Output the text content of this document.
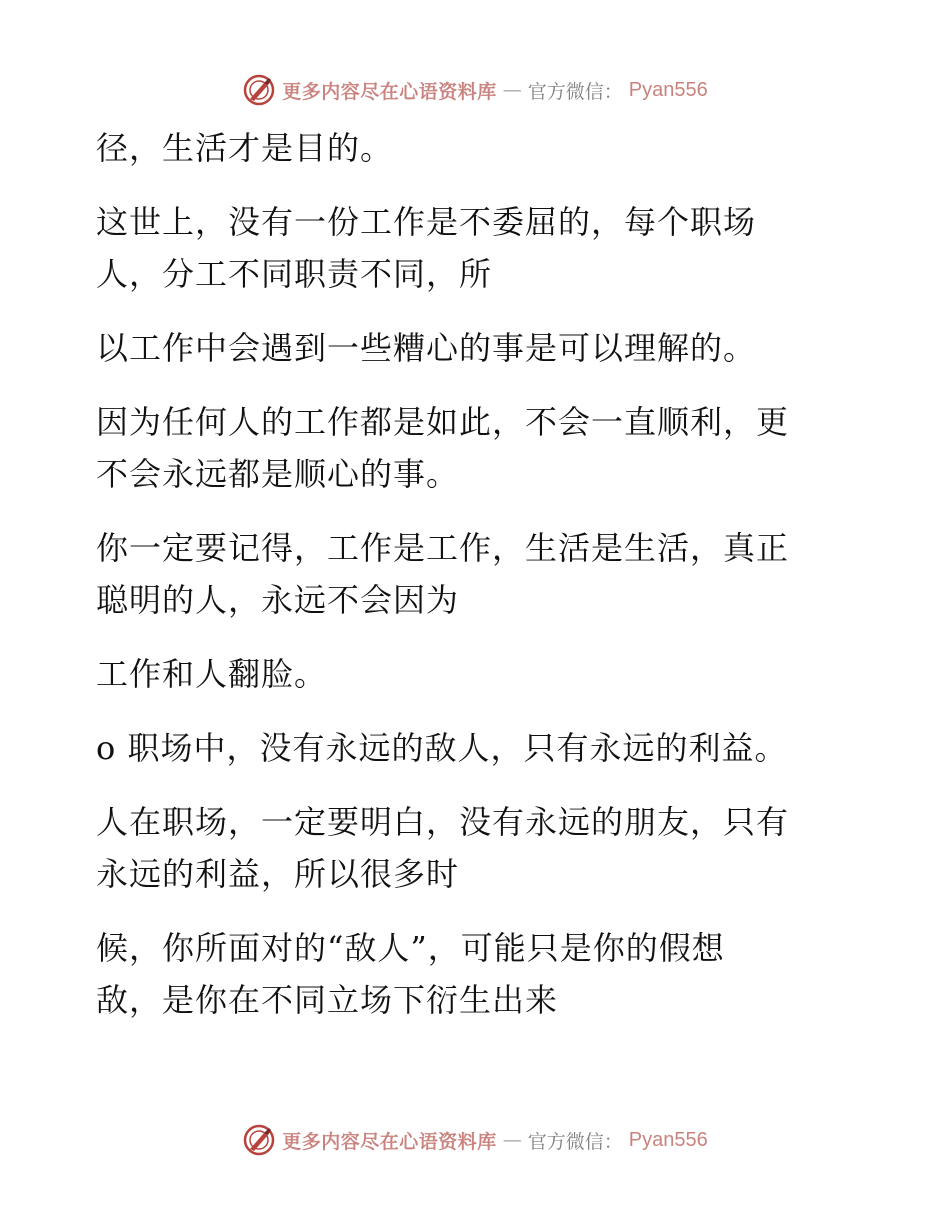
更多内容尽在心语资料库 — 官方微信： Pyan556
径，生活才是目的。
这世上，没有一份工作是不委屈的，每个职场
人，分工不同职责不同，所
以工作中会遇到一些糟心的事是可以理解的。
因为任何人的工作都是如此，不会一直顺利，更
不会永远都是顺心的事。
你一定要记得，工作是工作，生活是生活，真正
聪明的人，永远不会因为
工作和人翻脸。
o 职场中，没有永远的敌人，只有永远的利益。
人在职场，一定要明白，没有永远的朋友，只有
永远的利益，所以很多时
候，你所面对的“敌人”，可能只是你的假想
敌，是你在不同立场下衍生出来
更多内容尽在心语资料库 — 官方微信： Pyan556
